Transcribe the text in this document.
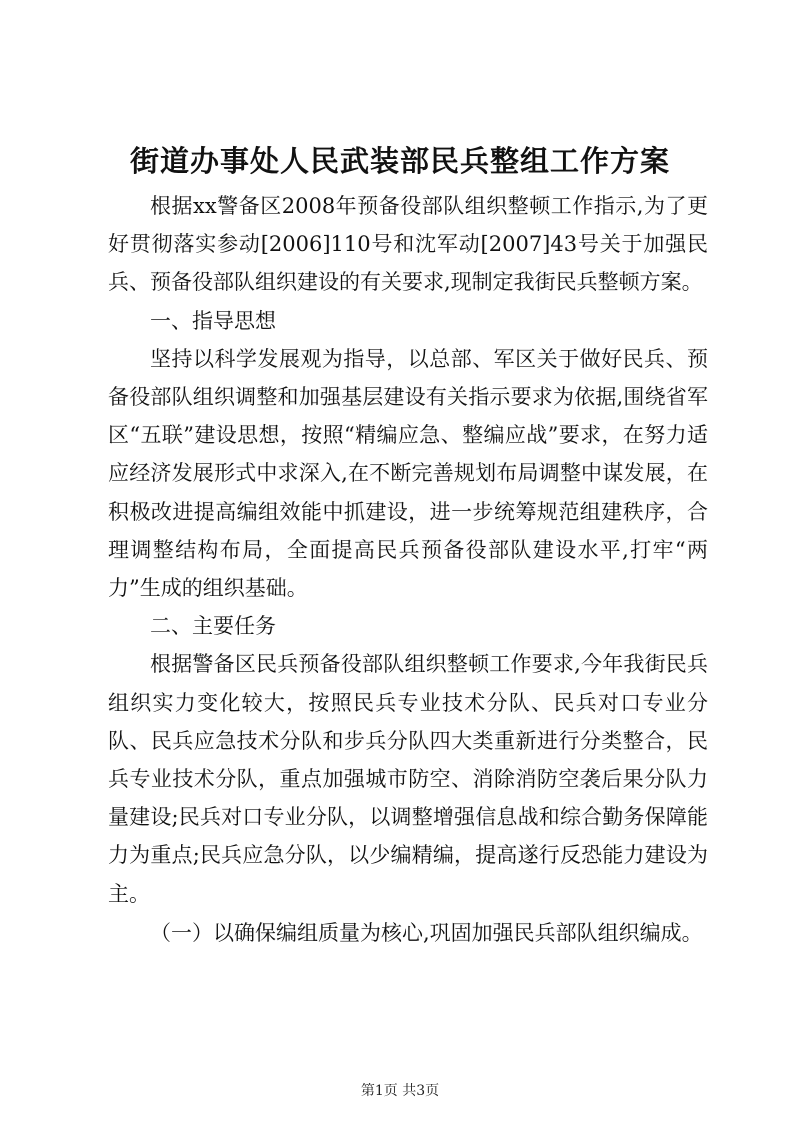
街道办事处人民武装部民兵整组工作方案

根据xx警备区2008年预备役部队组织整顿工作指示,为了更好贯彻落实参动[2006]110号和沈军动[2007]43号关于加强民兵、预备役部队组织建设的有关要求,现制定我街民兵整顿方案。

一、指导思想

坚持以科学发展观为指导，以总部、军区关于做好民兵、预备役部队组织调整和加强基层建设有关指示要求为依据,围绕省军区“五联”建设思想，按照“精编应急、整编应战”要求，在努力适应经济发展形式中求深入,在不断完善规划布局调整中谋发展，在积极改进提高编组效能中抓建设，进一步统筹规范组建秩序，合理调整结构布局，全面提高民兵预备役部队建设水平,打牢“两力”生成的组织基础。

二、主要任务

根据警备区民兵预备役部队组织整顿工作要求,今年我街民兵组织实力变化较大，按照民兵专业技术分队、民兵对口专业分队、民兵应急技术分队和步兵分队四大类重新进行分类整合，民兵专业技术分队，重点加强城市防空、消除消防空袭后果分队力量建设;民兵对口专业分队，以调整增强信息战和综合勤务保障能力为重点;民兵应急分队，以少编精编，提高遂行反恐能力建设为主。

（一）以确保编组质量为核心,巩固加强民兵部队组织编成。

第1页 共3页
